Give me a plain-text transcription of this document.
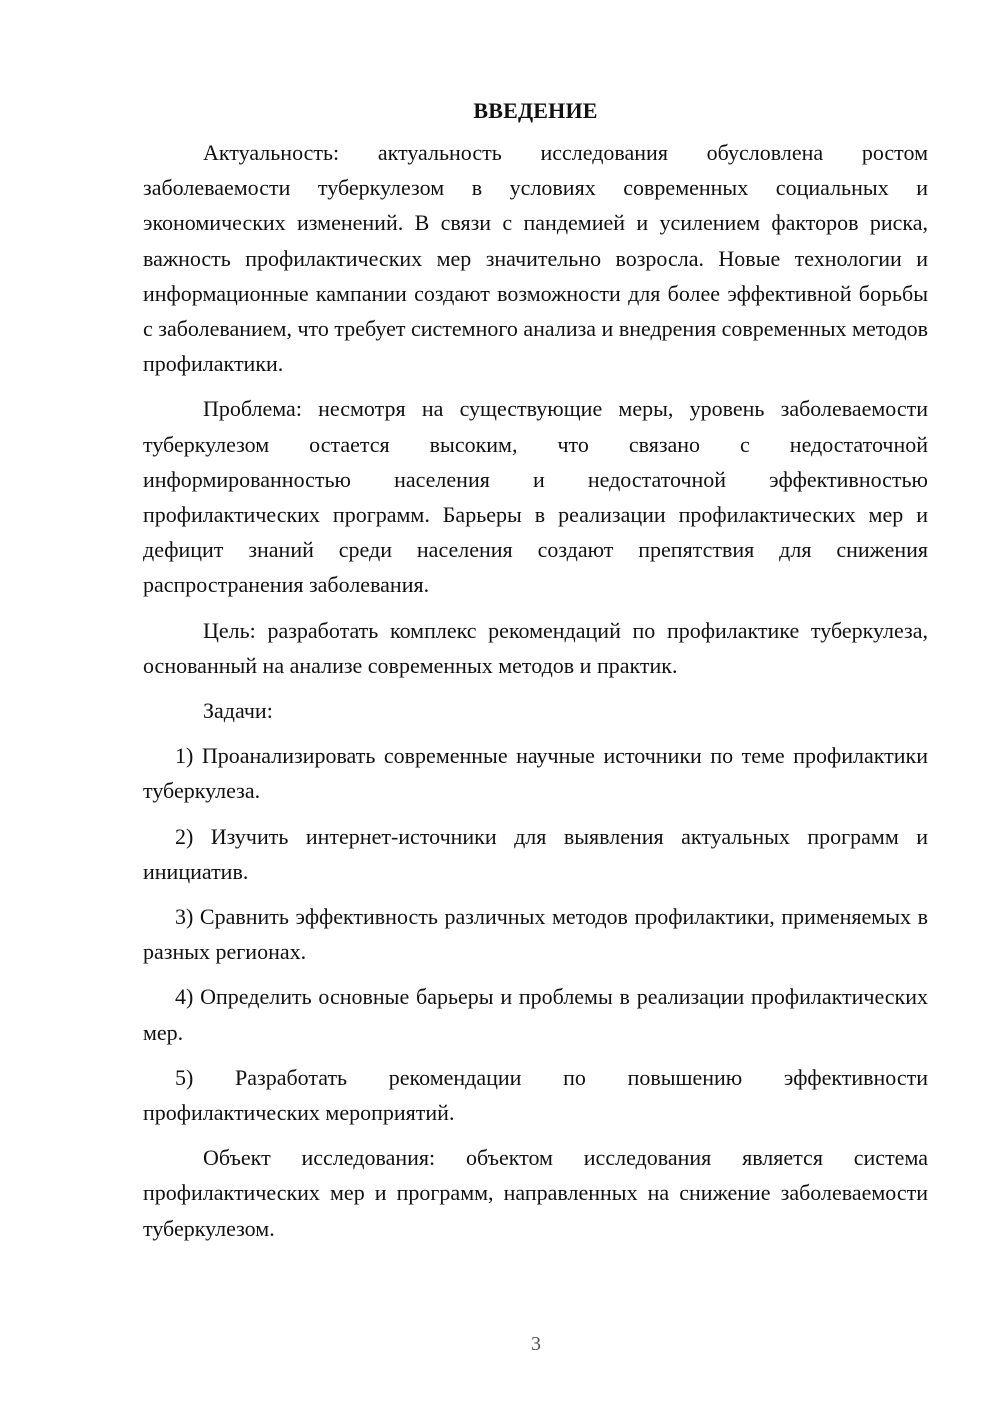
ВВЕДЕНИЕ

Актуальность: актуальность исследования обусловлена ростом заболеваемости туберкулезом в условиях современных социальных и экономических изменений. В связи с пандемией и усилением факторов риска, важность профилактических мер значительно возросла. Новые технологии и информационные кампании создают возможности для более эффективной борьбы с заболеванием, что требует системного анализа и внедрения современных методов профилактики.

Проблема: несмотря на существующие меры, уровень заболеваемости туберкулезом остается высоким, что связано с недостаточной информированностью населения и недостаточной эффективностью профилактических программ. Барьеры в реализации профилактических мер и дефицит знаний среди населения создают препятствия для снижения распространения заболевания.

Цель: разработать комплекс рекомендаций по профилактике туберкулеза, основанный на анализе современных методов и практик.

Задачи:

1) Проанализировать современные научные источники по теме профилактики туберкулеза.

2) Изучить интернет-источники для выявления актуальных программ и инициатив.

3) Сравнить эффективность различных методов профилактики, применяемых в разных регионах.

4) Определить основные барьеры и проблемы в реализации профилактических мер.

5) Разработать рекомендации по повышению эффективности профилактических мероприятий.

Объект исследования: объектом исследования является система профилактических мер и программ, направленных на снижение заболеваемости туберкулезом.

3
